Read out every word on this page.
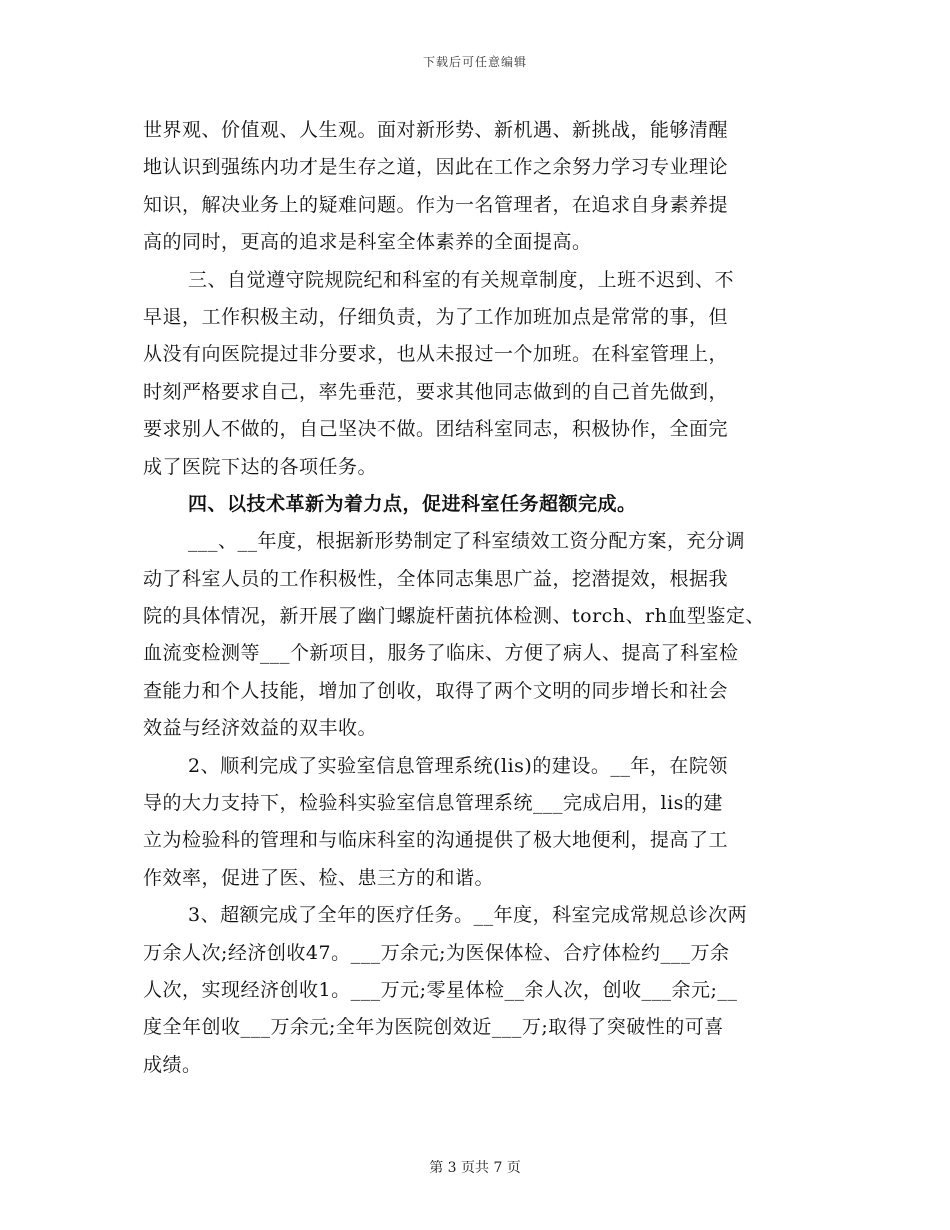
下载后可任意编辑
世界观、价值观、人生观。面对新形势、新机遇、新挑战，能够清醒
地认识到强练内功才是生存之道，因此在工作之余努力学习专业理论
知识，解决业务上的疑难问题。作为一名管理者，在追求自身素养提
高的同时，更高的追求是科室全体素养的全面提高。
三、自觉遵守院规院纪和科室的有关规章制度，上班不迟到、不
早退，工作积极主动，仔细负责，为了工作加班加点是常常的事，但
从没有向医院提过非分要求，也从未报过一个加班。在科室管理上，
时刻严格要求自己，率先垂范，要求其他同志做到的自己首先做到，
要求别人不做的，自己坚决不做。团结科室同志，积极协作，全面完
成了医院下达的各项任务。
四、以技术革新为着力点，促进科室任务超额完成。
___、__年度，根据新形势制定了科室绩效工资分配方案，充分调
动了科室人员的工作积极性，全体同志集思广益，挖潜提效，根据我
院的具体情况，新开展了幽门螺旋杆菌抗体检测、torch、rh血型鉴定、
血流变检测等___个新项目，服务了临床、方便了病人、提高了科室检
查能力和个人技能，增加了创收，取得了两个文明的同步增长和社会
效益与经济效益的双丰收。
2、顺利完成了实验室信息管理系统(lis)的建设。__年，在院领
导的大力支持下，检验科实验室信息管理系统___完成启用，lis的建
立为检验科的管理和与临床科室的沟通提供了极大地便利，提高了工
作效率，促进了医、检、患三方的和谐。
3、超额完成了全年的医疗任务。__年度，科室完成常规总诊次两
万余人次;经济创收47。___万余元;为医保体检、合疗体检约___万余
人次，实现经济创收1。___万元;零星体检__余人次，创收___余元;__
度全年创收___万余元;全年为医院创效近___万;取得了突破性的可喜
成绩。
第 3 页共 7 页
